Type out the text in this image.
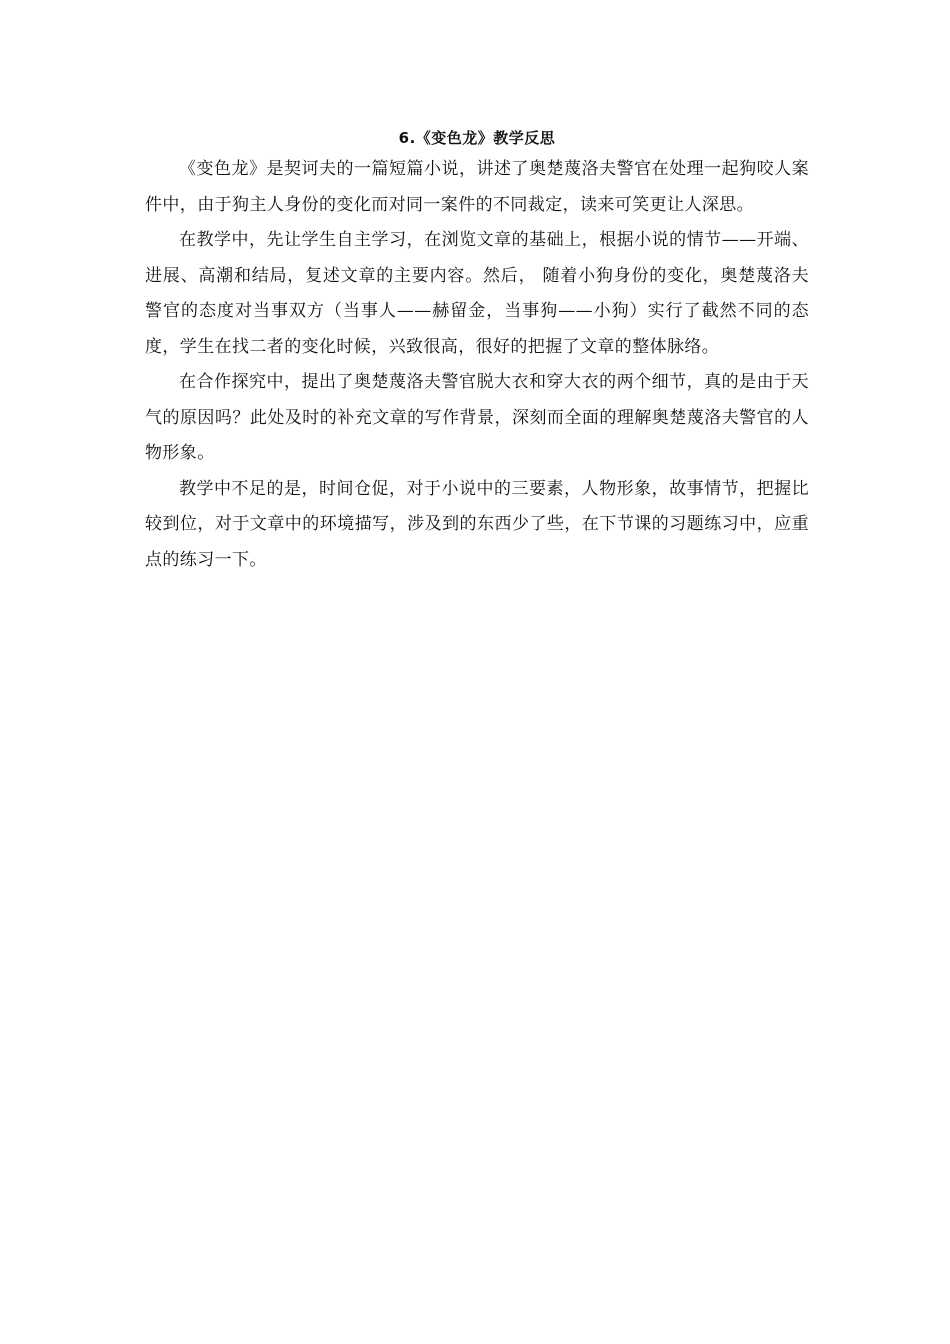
6.《变色龙》教学反思

《变色龙》是契诃夫的一篇短篇小说，讲述了奥楚蔑洛夫警官在处理一起狗咬人案件中，由于狗主人身份的变化而对同一案件的不同裁定，读来可笑更让人深思。

在教学中，先让学生自主学习，在浏览文章的基础上，根据小说的情节——开端、进展、高潮和结局，复述文章的主要内容。然后， 随着小狗身份的变化，奥楚蔑洛夫警官的态度对当事双方（当事人——赫留金，当事狗——小狗）实行了截然不同的态度，学生在找二者的变化时候，兴致很高，很好的把握了文章的整体脉络。

在合作探究中，提出了奥楚蔑洛夫警官脱大衣和穿大衣的两个细节，真的是由于天气的原因吗？此处及时的补充文章的写作背景，深刻而全面的理解奥楚蔑洛夫警官的人物形象。

教学中不足的是，时间仓促，对于小说中的三要素，人物形象，故事情节，把握比较到位，对于文章中的环境描写，涉及到的东西少了些，在下节课的习题练习中，应重点的练习一下。
